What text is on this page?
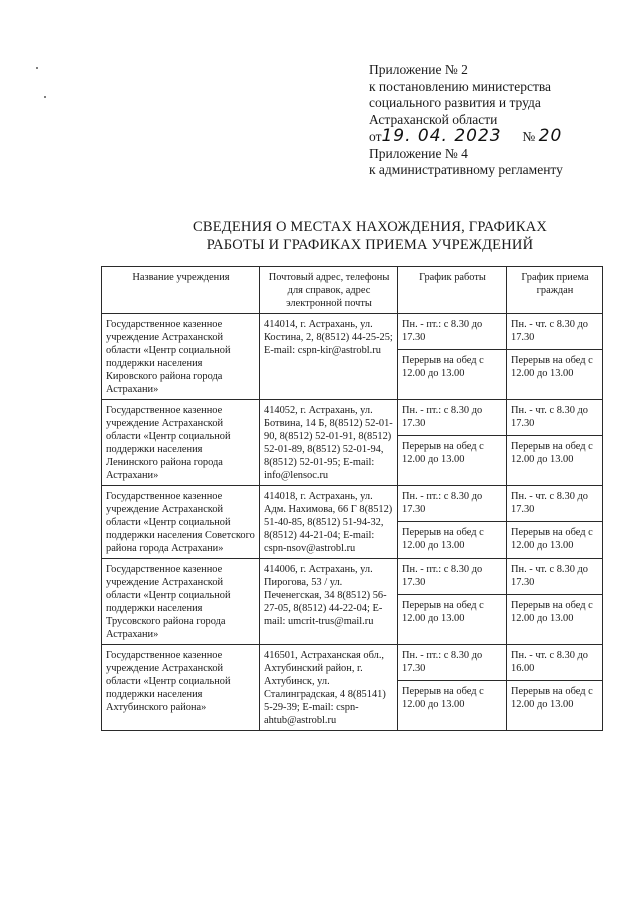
Приложение № 2
к постановлению министерства
социального развития и труда
Астраханской области
от19. 04. 2023 № 20
Приложение № 4
к административному регламенту
СВЕДЕНИЯ О МЕСТАХ НАХОЖДЕНИЯ, ГРАФИКАХ
РАБОТЫ И ГРАФИКАХ ПРИЕМА УЧРЕЖДЕНИЙ
Название учреждения	Почтовый адрес, телефоны для справок, адрес электронной почты	График работы	График приема граждан
Государственное казенное учреждение Астраханской области «Центр социальной поддержки населения Кировского района города Астрахани»	414014, г. Астрахань, ул. Костина, 2, 8(8512) 44-25-25; E-mail: cspn-kir@astrobl.ru	Пн. - пт.: с 8.30 до 17.30	Пн. - чт. с 8.30 до 17.30
		Перерыв на обед с 12.00 до 13.00	Перерыв на обед с 12.00 до 13.00
Государственное казенное учреждение Астраханской области «Центр социальной поддержки населения Ленинского района города Астрахани»	414052, г. Астрахань, ул. Ботвина, 14 Б, 8(8512) 52-01-90, 8(8512) 52-01-91, 8(8512) 52-01-89, 8(8512) 52-01-94, 8(8512) 52-01-95; E-mail: info@lensoc.ru	Пн. - пт.: с 8.30 до 17.30	Пн. - чт. с 8.30 до 17.30
		Перерыв на обед с 12.00 до 13.00	Перерыв на обед с 12.00 до 13.00
Государственное казенное учреждение Астраханской области «Центр социальной поддержки населения Советского района города Астрахани»	414018, г. Астрахань, ул. Адм. Нахимова, 66 Г 8(8512) 51-40-85, 8(8512) 51-94-32, 8(8512) 44-21-04; E-mail: cspn-nsov@astrobl.ru	Пн. - пт.: с 8.30 до 17.30	Пн. - чт. с 8.30 до 17.30
		Перерыв на обед с 12.00 до 13.00	Перерыв на обед с 12.00 до 13.00
Государственное казенное учреждение Астраханской области «Центр социальной поддержки населения Трусовского района города Астрахани»	414006, г. Астрахань, ул. Пирогова, 53 / ул. Печенегская, 34 8(8512) 56-27-05, 8(8512) 44-22-04; E-mail: umcrit-trus@mail.ru	Пн. - пт.: с 8.30 до 17.30	Пн. - чт. с 8.30 до 17.30
		Перерыв на обед с 12.00 до 13.00	Перерыв на обед с 12.00 до 13.00
Государственное казенное учреждение Астраханской области «Центр социальной поддержки населения Ахтубинского района»	416501, Астраханская обл., Ахтубинский район, г. Ахтубинск, ул. Сталинградская, 4 8(85141) 5-29-39; E-mail: cspn-ahtub@astrobl.ru	Пн. - пт.: с 8.30 до 17.30	Пн. - чт. с 8.30 до 16.00
		Перерыв на обед с 12.00 до 13.00	Перерыв на обед с 12.00 до 13.00
